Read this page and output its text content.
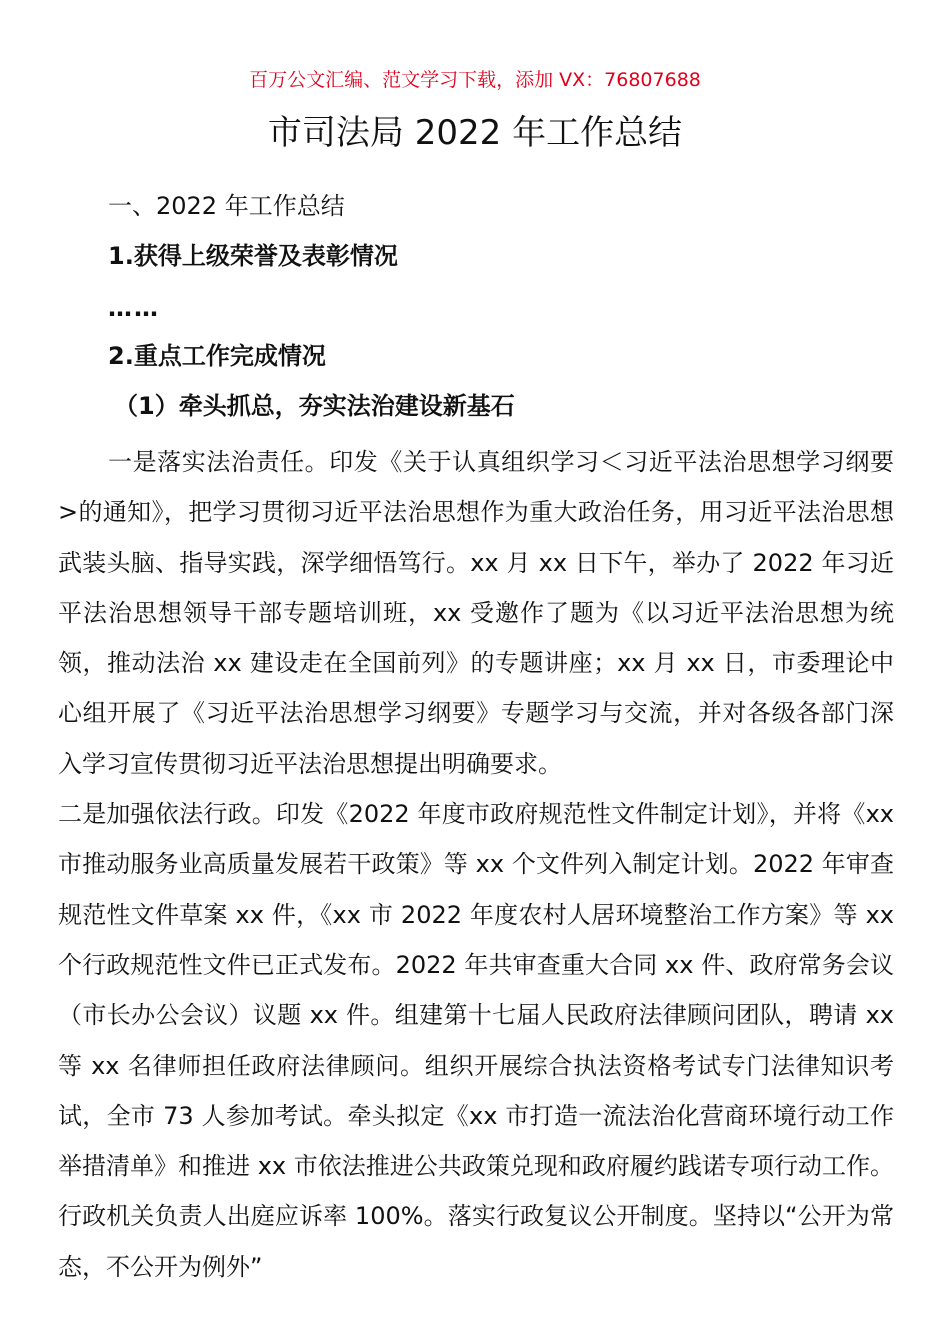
百万公文汇编、范文学习下载，添加 VX：76807688
市司法局 2022 年工作总结
一、2022 年工作总结
1.获得上级荣誉及表彰情况
……
2.重点工作完成情况
（1）牵头抓总，夯实法治建设新基石

一是落实法治责任。印发《关于认真组织学习＜习近平法治思想学习纲要>的通知》，把学习贯彻习近平法治思想作为重大政治任务，用习近平法治思想武装头脑、指导实践，深学细悟笃行。xx 月 xx 日下午，举办了 2022 年习近平法治思想领导干部专题培训班，xx 受邀作了题为《以习近平法治思想为统领，推动法治 xx 建设走在全国前列》的专题讲座；xx 月 xx 日，市委理论中心组开展了《习近平法治思想学习纲要》专题学习与交流，并对各级各部门深入学习宣传贯彻习近平法治思想提出明确要求。

二是加强依法行政。印发《2022 年度市政府规范性文件制定计划》，并将《xx 市推动服务业高质量发展若干政策》等 xx 个文件列入制定计划。2022 年审查规范性文件草案 xx 件，《xx 市 2022 年度农村人居环境整治工作方案》等 xx 个行政规范性文件已正式发布。2022 年共审查重大合同 xx 件、政府常务会议（市长办公会议）议题 xx 件。组建第十七届人民政府法律顾问团队，聘请 xx 等 xx 名律师担任政府法律顾问。组织开展综合执法资格考试专门法律知识考试，全市 73 人参加考试。牵头拟定《xx 市打造一流法治化营商环境行动工作举措清单》和推进 xx 市依法推进公共政策兑现和政府履约践诺专项行动工作。行政机关负责人出庭应诉率 100%。落实行政复议公开制度。坚持以“公开为常态，不公开为例外”
